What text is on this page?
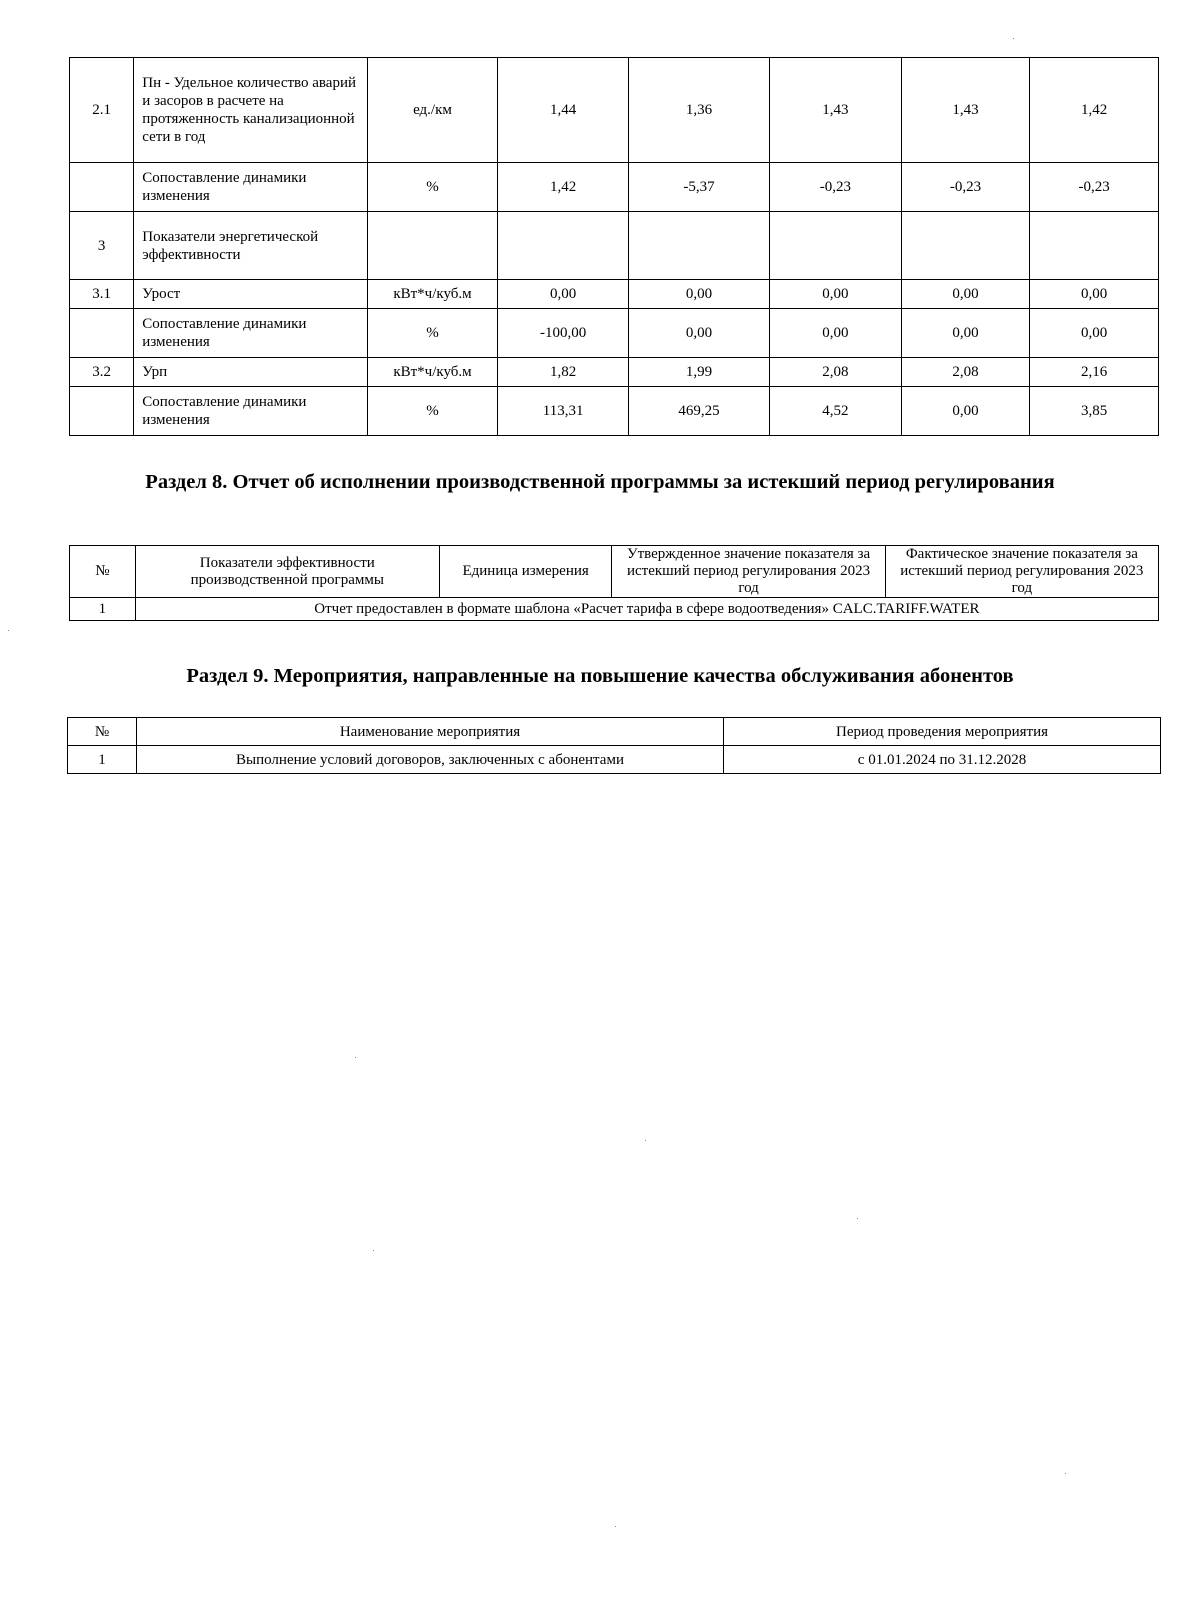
2.1	Пн - Удельное количество аварий и засоров в расчете на протяженность канализационной сети в год	ед./км	1,44	1,36	1,43	1,43	1,42
	Сопоставление динамики изменения	%	1,42	-5,37	-0,23	-0,23	-0,23
3	Показатели энергетической эффективности						
3.1	Урост	кВт*ч/куб.м	0,00	0,00	0,00	0,00	0,00
	Сопоставление динамики изменения	%	-100,00	0,00	0,00	0,00	0,00
3.2	Урп	кВт*ч/куб.м	1,82	1,99	2,08	2,08	2,16
	Сопоставление динамики изменения	%	113,31	469,25	4,52	0,00	3,85
Раздел 8. Отчет об исполнении производственной программы за истекший период регулирования
№	Показатели эффективности производственной программы	Единица измерения	Утвержденное значение показателя за истекший период регулирования 2023 год	Фактическое значение показателя за истекший период регулирования 2023 год
1	Отчет предоставлен в формате шаблона «Расчет тарифа в сфере водоотведения» CALC.TARIFF.WATER			
Раздел 9. Мероприятия, направленные на повышение качества обслуживания абонентов
№	Наименование мероприятия	Период проведения мероприятия
1	Выполнение условий договоров, заключенных с абонентами	с 01.01.2024 по 31.12.2028
